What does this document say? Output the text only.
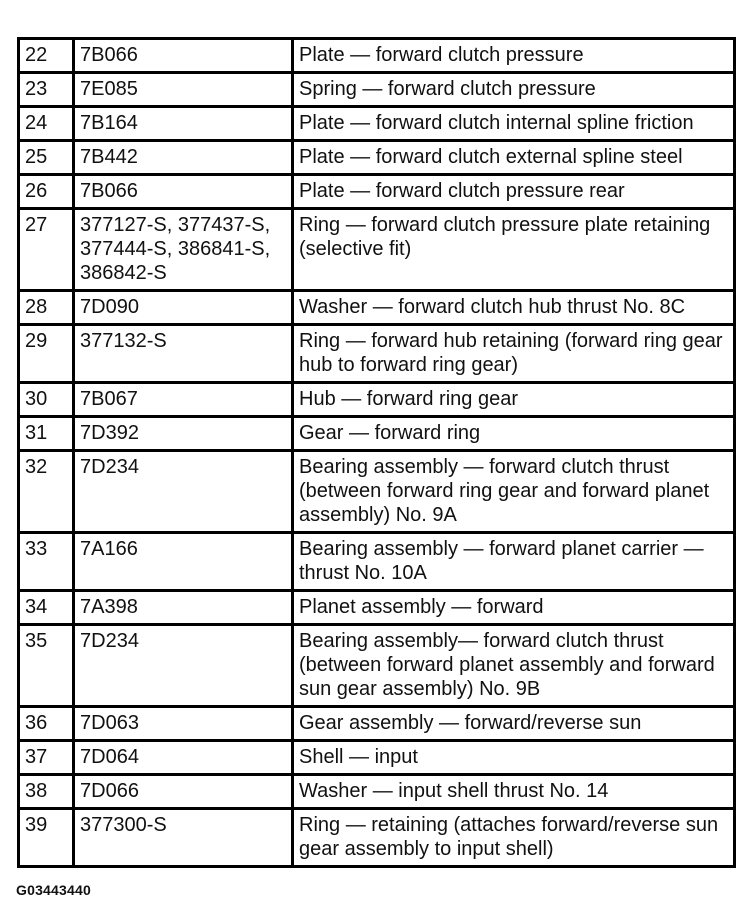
22	7B066	Plate — forward clutch pressure
23	7E085	Spring — forward clutch pressure
24	7B164	Plate — forward clutch internal spline friction
25	7B442	Plate — forward clutch external spline steel
26	7B066	Plate — forward clutch pressure rear
27	377127-S, 377437-S,
377444-S, 386841-S,
386842-S	Ring — forward clutch pressure plate retaining
(selective fit)
28	7D090	Washer — forward clutch hub thrust No. 8C
29	377132-S	Ring — forward hub retaining (forward ring gear
hub to forward ring gear)
30	7B067	Hub — forward ring gear
31	7D392	Gear — forward ring
32	7D234	Bearing assembly — forward clutch thrust
(between forward ring gear and forward planet
assembly) No. 9A
33	7A166	Bearing assembly — forward planet carrier —
thrust No. 10A
34	7A398	Planet assembly — forward
35	7D234	Bearing assembly— forward clutch thrust
(between forward planet assembly and forward
sun gear assembly) No. 9B
36	7D063	Gear assembly — forward/reverse sun
37	7D064	Shell — input
38	7D066	Washer — input shell thrust No. 14
39	377300-S	Ring — retaining (attaches forward/reverse sun
gear assembly to input shell)
G03443440
